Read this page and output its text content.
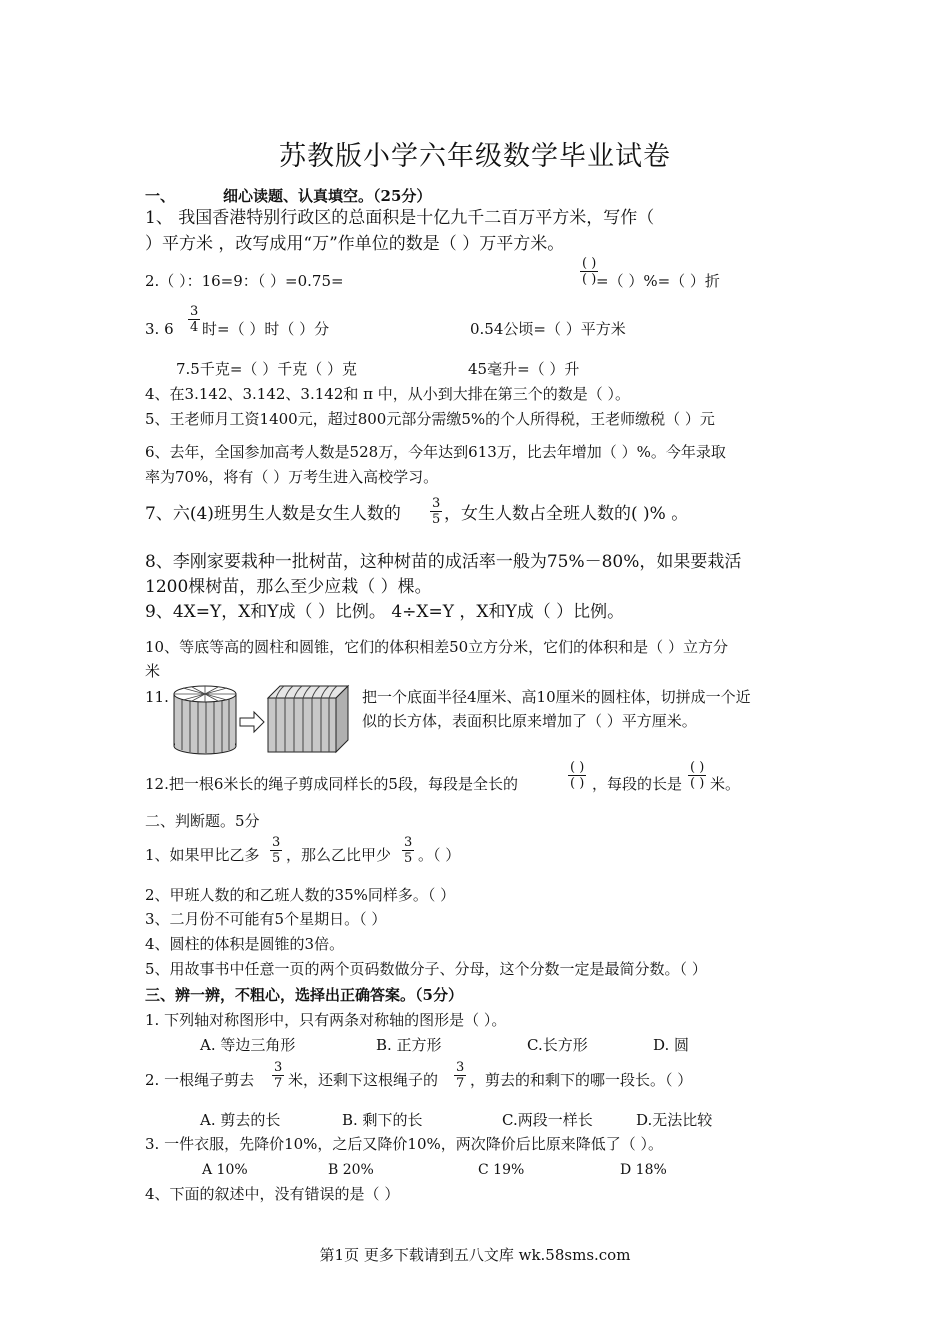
苏教版小学六年级数学毕业试卷
一、	细心读题、认真填空。（25分）
1、 我国香港特别行政区的总面积是十亿九千二百万平方米，写作（
）平方米 ，改写成用“万”作单位的数是（ ）万平方米。
2.（ ）：16=9：（ ）=0.75=	$\frac{( )}{( )}$
=（ ）%=（ ）折
3. $6 \frac{3}{4}$ 时=（ ）时（ ）分	0.54公顷=（ ）平方米
7.5千克=（ ）千克（ ）克	45毫升=（ ）升
4、在3.142、3.142、3.142和 π 中，从小到大排在第三个的数是（ ）。
5、王老师月工资1400元，超过800元部分需缴5%的个人所得税，王老师缴税（ ）元
6、去年，全国参加高考人数是528万，今年达到613万，比去年增加（ ）%。今年录取
率为70%，将有（ ）万考生进入高校学习。
7、六(4)班男生人数是女生人数的 $\frac{3}{5}$ ，女生人数占全班人数的( )% 。
8、李刚家要栽种一批树苗，这种树苗的成活率一般为75%－80%，如果要栽活
1200棵树苗，那么至少应栽（ ）棵。
9、4X=Y，X和Y成（ ）比例。 4÷X=Y ，X和Y成（ ）比例。
10、等底等高的圆柱和圆锥，它们的体积相差50立方分米，它们的体积和是（ ）立方分
米
11.	把一个底面半径4厘米、高10厘米的圆柱体，切拼成一个近
似的长方体，表面积比原来增加了（ ）平方厘米。
12.把一根6米长的绳子剪成同样长的5段，每段是全长的	$\frac{( )}{( )}$ ，每段的长是 $\frac{( )}{( )}$ 米。
二、判断题。5分
1、如果甲比乙多 $\frac{3}{5}$ ，那么乙比甲少 $\frac{3}{5}$ 。（ ）
2、甲班人数的和乙班人数的35%同样多。（ ）
3、二月份不可能有5个星期日。（ ）
4、圆柱的体积是圆锥的3倍。
5、用故事书中任意一页的两个页码数做分子、分母，这个分数一定是最简分数。（ ）
三、辨一辨，不粗心，选择出正确答案。（5分）
1. 下列轴对称图形中，只有两条对称轴的图形是（ ）。
A. 等边三角形	B. 正方形	C.长方形	D. 圆
2. 一根绳子剪去 $\frac{3}{7}$ 米，还剩下这根绳子的 $\frac{3}{7}$ ，剪去的和剩下的哪一段长。（ ）
A. 剪去的长	B. 剩下的长	C.两段一样长	D.无法比较
3. 一件衣服，先降价10%，之后又降价10%，两次降价后比原来降低了（ ）。
A 10%	B 20%	C 19%	D 18%
4、下面的叙述中，没有错误的是（ ）
第1页 更多下载请到五八文库 wk.58sms.com
